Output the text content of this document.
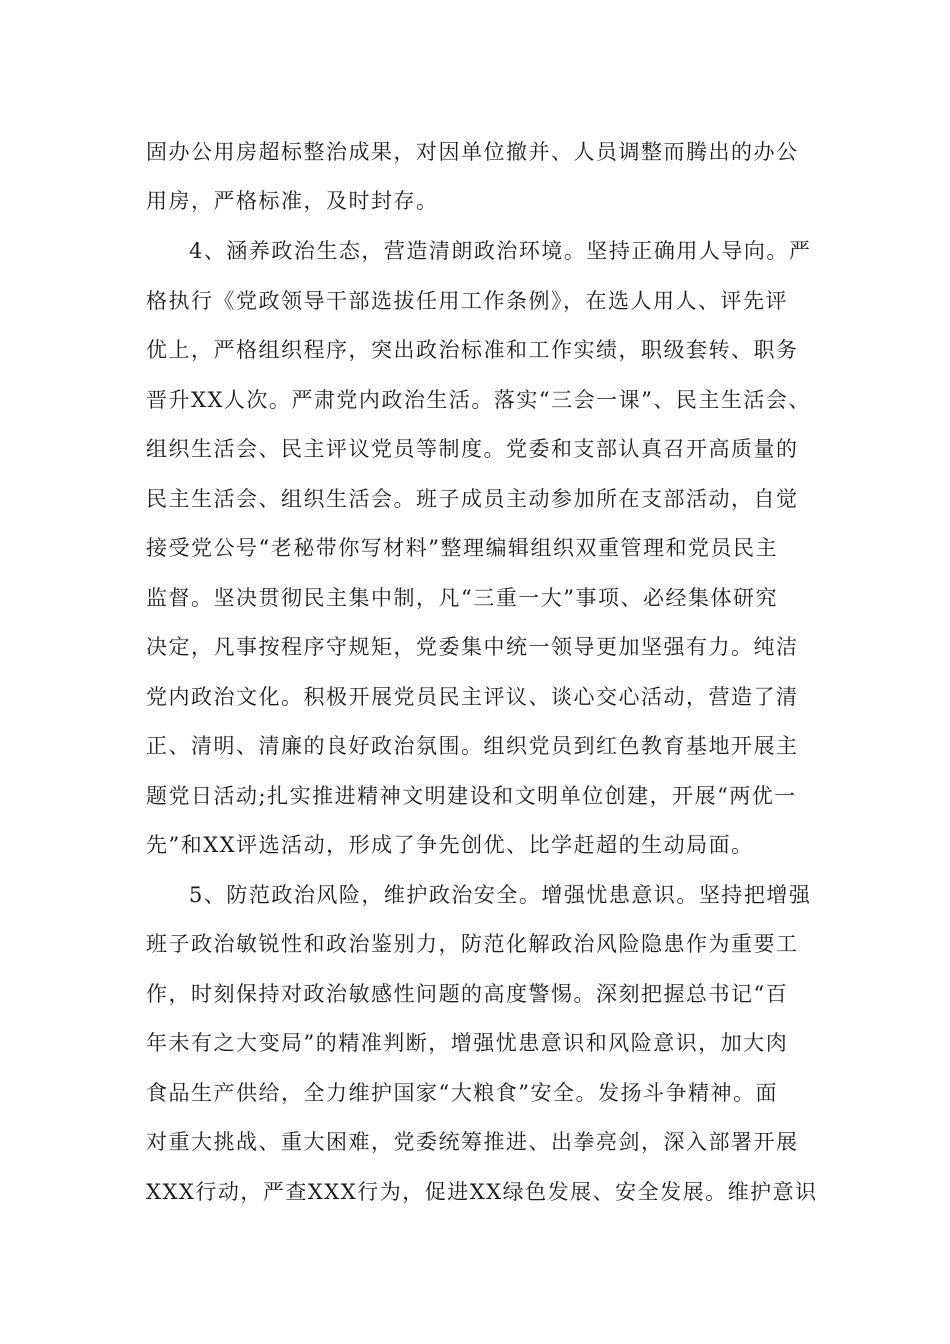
固办公用房超标整治成果，对因单位撤并、人员调整而腾出的办公
用房，严格标准，及时封存。
4、涵养政治生态，营造清朗政治环境。坚持正确用人导向。严
格执行《党政领导干部选拔任用工作条例》，在选人用人、评先评
优上，严格组织程序，突出政治标准和工作实绩，职级套转、职务
晋升XX人次。严肃党内政治生活。落实“三会一课”、民主生活会、
组织生活会、民主评议党员等制度。党委和支部认真召开高质量的
民主生活会、组织生活会。班子成员主动参加所在支部活动，自觉
接受党公号“老秘带你写材料”整理编辑组织双重管理和党员民主
监督。坚决贯彻民主集中制，凡“三重一大”事项、必经集体研究
决定，凡事按程序守规矩，党委集中统一领导更加坚强有力。纯洁
党内政治文化。积极开展党员民主评议、谈心交心活动，营造了清
正、清明、清廉的良好政治氛围。组织党员到红色教育基地开展主
题党日活动;扎实推进精神文明建设和文明单位创建，开展“两优一
先”和XX评选活动，形成了争先创优、比学赶超的生动局面。
5、防范政治风险，维护政治安全。增强忧患意识。坚持把增强
班子政治敏锐性和政治鉴别力，防范化解政治风险隐患作为重要工
作，时刻保持对政治敏感性问题的高度警惕。深刻把握总书记“百
年未有之大变局”的精准判断，增强忧患意识和风险意识，加大肉
食品生产供给，全力维护国家“大粮食”安全。发扬斗争精神。面
对重大挑战、重大困难，党委统筹推进、出拳亮剑，深入部署开展
XXX行动，严查XXX行为，促进XX绿色发展、安全发展。维护意识
